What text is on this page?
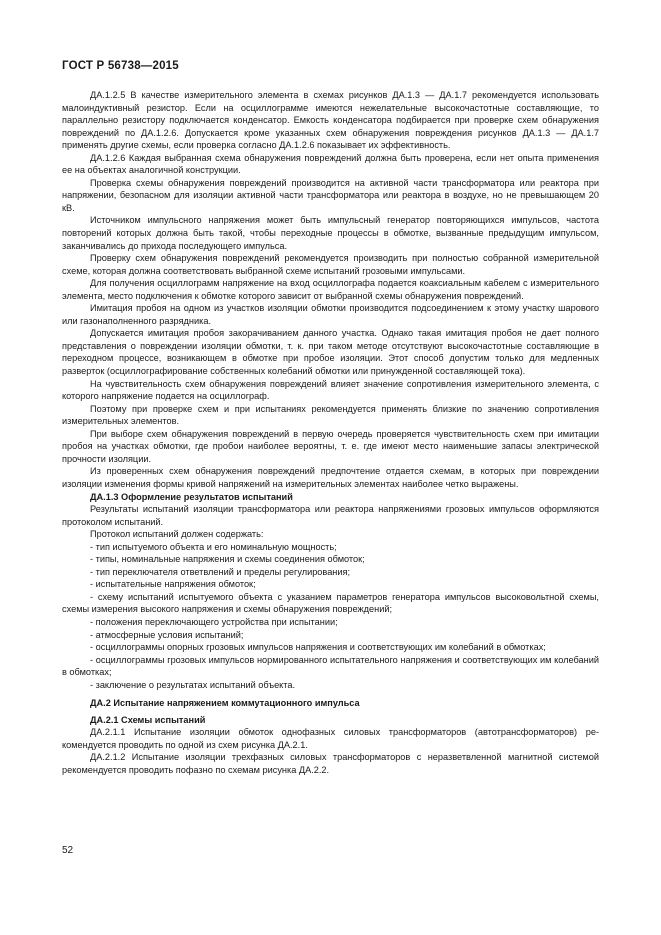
ГОСТ Р 56738—2015

ДА.1.2.5 В качестве измерительного элемента в схемах рисунков ДА.1.3 — ДА.1.7 рекомендуется использовать малоиндуктивный резистор. Если на осциллограмме имеются нежелательные высокочастотные составляющие, то параллельно резистору подключается конденсатор. Емкость конденсатора подбирается при проверке схем обнаружения повреждений по ДА.1.2.6. Допускается кроме указанных схем обнаружения повреждения рисунков ДА.1.3 — ДА.1.7 применять другие схемы, если проверка согласно ДА.1.2.6 показывает их эффективность.

ДА.1.2.6 Каждая выбранная схема обнаружения повреждений должна быть проверена, если нет опыта применения ее на объектах аналогичной конструкции.

Проверка схемы обнаружения повреждений производится на активной части трансформатора или реактора при напряжении, безопасном для изоляции активной части трансформатора или реактора в воздухе, но не превышающем 20 кВ.

Источником импульсного напряжения может быть импульсный генератор повторяющихся импульсов, частота повторений которых должна быть такой, чтобы переходные процессы в обмотке, вызванные предыдущим импульсом, заканчивались до прихода последующего импульса.

Проверку схем обнаружения повреждений рекомендуется производить при полностью собранной измерительной схеме, которая должна соответствовать выбранной схеме испытаний грозовыми импульсами.

Для получения осциллограмм напряжение на вход осциллографа подается коаксиальным кабелем с измерительного элемента, место подключения к обмотке которого зависит от выбранной схемы обнаружения повреждений.

Имитация пробоя на одном из участков изоляции обмотки производится подсоединением к этому участку шарового или газонаполненного разрядника.

Допускается имитация пробоя закорачиванием данного участка. Однако такая имитация пробоя не дает полного представления о повреждении изоляции обмотки, т. к. при таком методе отсутствуют высокочастотные составляющие в переходном процессе, возникающем в обмотке при пробое изоляции. Этот способ допустим только для медленных разверток (осциллографирование собственных колебаний обмотки или принужденной составляющей тока).

На чувствительность схем обнаружения повреждений влияет значение сопротивления измерительного элемента, с которого напряжение подается на осциллограф.

Поэтому при проверке схем и при испытаниях рекомендуется применять близкие по значению сопротивления измерительных элементов.

При выборе схем обнаружения повреждений в первую очередь проверяется чувствительность схем при имитации пробоя на участках обмотки, где пробои наиболее вероятны, т. е. где имеют место наименьшие запасы электрической прочности изоляции.

Из проверенных схем обнаружения повреждений предпочтение отдается схемам, в которых при повреждении изоляции изменения формы кривой напряжений на измерительных элементах наиболее четко выражены.

ДА.1.3 Оформление результатов испытаний

Результаты испытаний изоляции трансформатора или реактора напряжениями грозовых импульсов оформляются протоколом испытаний.

Протокол испытаний должен содержать:

- тип испытуемого объекта и его номинальную мощность;

- типы, номинальные напряжения и схемы соединения обмоток;

- тип переключателя ответвлений и пределы регулирования;

- испытательные напряжения обмоток;

- схему испытаний испытуемого объекта с указанием параметров генератора импульсов высоковольтной схемы, схемы измерения высокого напряжения и схемы обнаружения повреждений;

- положения переключающего устройства при испытании;

- атмосферные условия испытаний;

- осциллограммы опорных грозовых импульсов напряжения и соответствующих им колебаний в обмотках;

- осциллограммы грозовых импульсов нормированного испытательного напряжения и соответствующих им колебаний в обмотках;

- заключение о результатах испытаний объекта.

ДА.2 Испытание напряжением коммутационного импульса

ДА.2.1 Схемы испытаний

ДА.2.1.1 Испытание изоляции обмоток однофазных силовых трансформаторов (автотрансформаторов) рекомендуется проводить по одной из схем рисунка ДА.2.1.

ДА.2.1.2 Испытание изоляции трехфазных силовых трансформаторов с неразветвленной магнитной системой рекомендуется проводить пофазно по схемам рисунка ДА.2.2.

52
